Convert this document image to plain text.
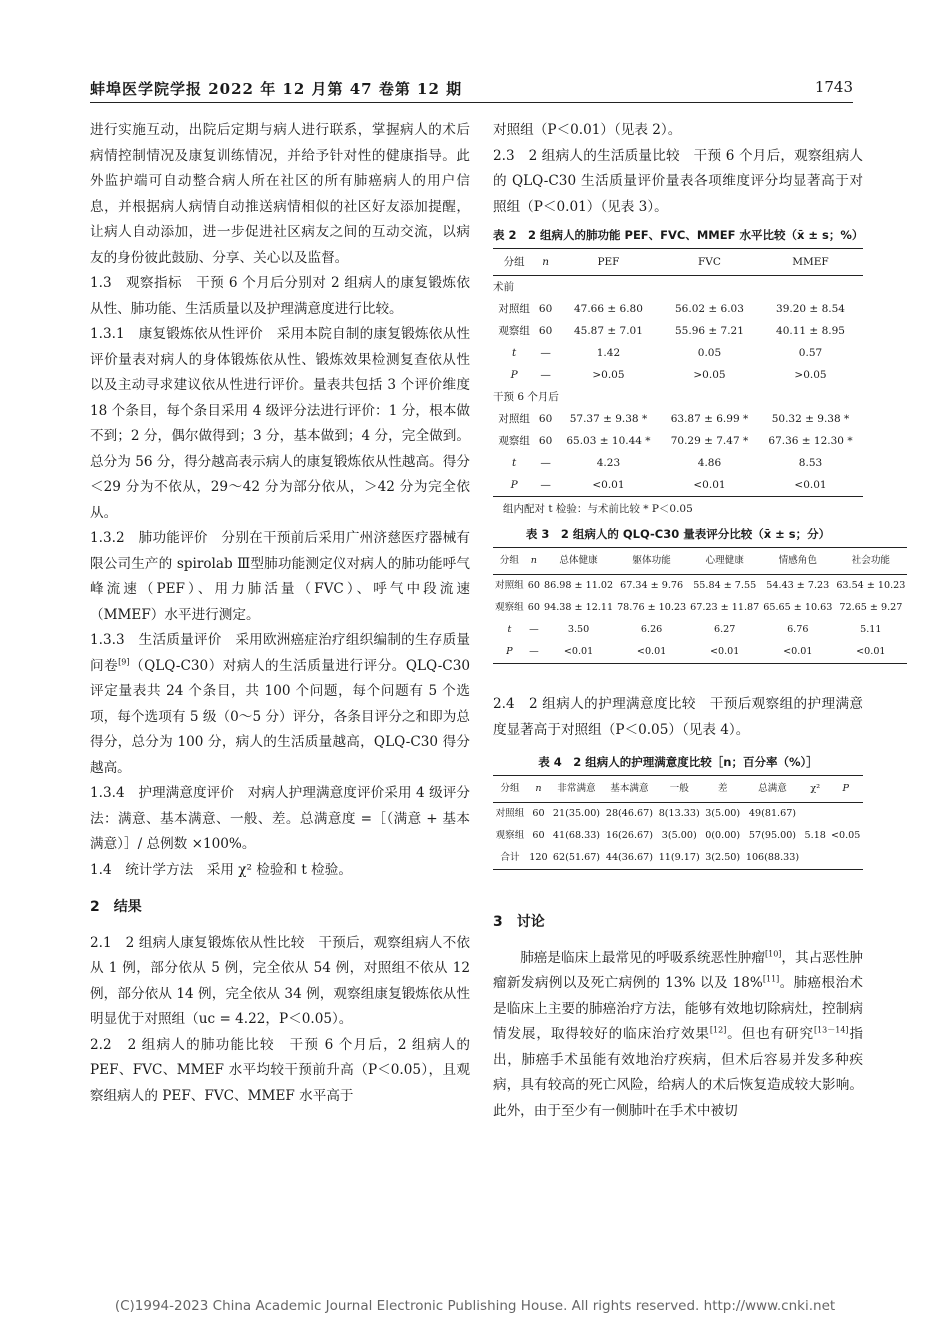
蚌埠医学院学报 2022 年 12 月第 47 卷第 12 期	1743

进行实施互动，出院后定期与病人进行联系，掌握病人的术后病情控制情况及康复训练情况，并给予针对性的健康指导。此外监护端可自动整合病人所在社区的所有肺癌病人的用户信息，并根据病人病情自动推送病情相似的社区好友添加提醒，让病人自动添加，进一步促进社区病友之间的互动交流，以病友的身份彼此鼓励、分享、关心以及监督。

1.3　观察指标　干预 6 个月后分别对 2 组病人的康复锻炼依从性、肺功能、生活质量以及护理满意度进行比较。

1.3.1　康复锻炼依从性评价　采用本院自制的康复锻炼依从性评价量表对病人的身体锻炼依从性、锻炼效果检测复查依从性以及主动寻求建议依从性进行评价。量表共包括 3 个评价维度 18 个条目，每个条目采用 4 级评分法进行评价：1 分，根本做不到；2 分，偶尔做得到；3 分，基本做到；4 分，完全做到。总分为 56 分，得分越高表示病人的康复锻炼依从性越高。得分＜29 分为不依从，29～42 分为部分依从，＞42 分为完全依从。

1.3.2　肺功能评价　分别在干预前后采用广州济慈医疗器械有限公司生产的 spirolab Ⅲ型肺功能测定仪对病人的肺功能呼气峰流速（PEF）、用力肺活量（FVC）、呼气中段流速（MMEF）水平进行测定。

1.3.3　生活质量评价　采用欧洲癌症治疗组织编制的生存质量问卷[9]（QLQ-C30）对病人的生活质量进行评分。QLQ-C30 评定量表共 24 个条目，共 100 个问题，每个问题有 5 个选项，每个选项有 5 级（0～5 分）评分，各条目评分之和即为总得分，总分为 100 分，病人的生活质量越高，QLQ-C30 得分越高。

1.3.4　护理满意度评价　对病人护理满意度评价采用 4 级评分法：满意、基本满意、一般、差。总满意度 =［（满意 + 基本满意）］/ 总例数 ×100%。

1.4　统计学方法　采用 χ² 检验和 t 检验。

2　结果

2.1　2 组病人康复锻炼依从性比较　干预后，观察组病人不依从 1 例，部分依从 5 例，完全依从 54 例，对照组不依从 12 例，部分依从 14 例，完全依从 34 例，观察组康复锻炼依从性明显优于对照组（uc = 4.22，P＜0.05）。

2.2　2 组病人的肺功能比较　干预 6 个月后，2 组病人的 PEF、FVC、MMEF 水平均较干预前升高（P＜0.05），且观察组病人的 PEF、FVC、MMEF 水平高于

对照组（P＜0.01）（见表 2）。

2.3　2 组病人的生活质量比较　干预 6 个月后，观察组病人的 QLQ-C30 生活质量评价量表各项维度评分均显著高于对照组（P＜0.01）（见表 3）。

表 2　2 组病人的肺功能 PEF、FVC、MMEF 水平比较（x̄ ± s；%）
分组	n	PEF	FVC	MMEF
术前				
对照组	60	47.66 ± 6.80	56.02 ± 6.03	39.20 ± 8.54
观察组	60	45.87 ± 7.01	55.96 ± 7.21	40.11 ± 8.95
t	—	1.42	0.05	0.57
P	—	>0.05	>0.05	>0.05
干预 6 个月后				
对照组	60	57.37 ± 9.38 *	63.87 ± 6.99 *	50.32 ± 9.38 *
观察组	60	65.03 ± 10.44 *	70.29 ± 7.47 *	67.36 ± 12.30 *
t	—	4.23	4.86	8.53
P	—	<0.01	<0.01	<0.01
组内配对 t 检验：与术前比较 * P＜0.05
表 3　2 组病人的 QLQ-C30 量表评分比较（x̄ ± s；分）
分组	n	总体健康	躯体功能	心理健康	情感角色	社会功能
对照组	60	86.98 ± 11.02	67.34 ± 9.76	55.84 ± 7.55	54.43 ± 7.23	63.54 ± 10.23
观察组	60	94.38 ± 12.11	78.76 ± 10.23	67.23 ± 11.87	65.65 ± 10.63	72.65 ± 9.27
t	—	3.50	6.26	6.27	6.76	5.11
P	—	<0.01	<0.01	<0.01	<0.01	<0.01

2.4　2 组病人的护理满意度比较　干预后观察组的护理满意度显著高于对照组（P＜0.05）（见表 4）。

表 4　2 组病人的护理满意度比较［n；百分率（%）］
分组	n	非常满意	基本满意	一般	差	总满意	χ²	P
对照组	60	21(35.00)	28(46.67)	8(13.33)	3(5.00)	49(81.67)		
观察组	60	41(68.33)	16(26.67)	3(5.00)	0(0.00)	57(95.00)	5.18	<0.05
合计	120	62(51.67)	44(36.67)	11(9.17)	3(2.50)	106(88.33)		
3　讨论

肺癌是临床上最常见的呼吸系统恶性肿瘤[10]，其占恶性肿瘤新发病例以及死亡病例的 13% 以及 18%[11]。肺癌根治术是临床上主要的肺癌治疗方法，能够有效地切除病灶，控制病情发展，取得较好的临床治疗效果[12]。但也有研究[13－14]指出，肺癌手术虽能有效地治疗疾病，但术后容易并发多种疾病，具有较高的死亡风险，给病人的术后恢复造成较大影响。此外，由于至少有一侧肺叶在手术中被切

(C)1994-2023 China Academic Journal Electronic Publishing House. All rights reserved. http://www.cnki.net
